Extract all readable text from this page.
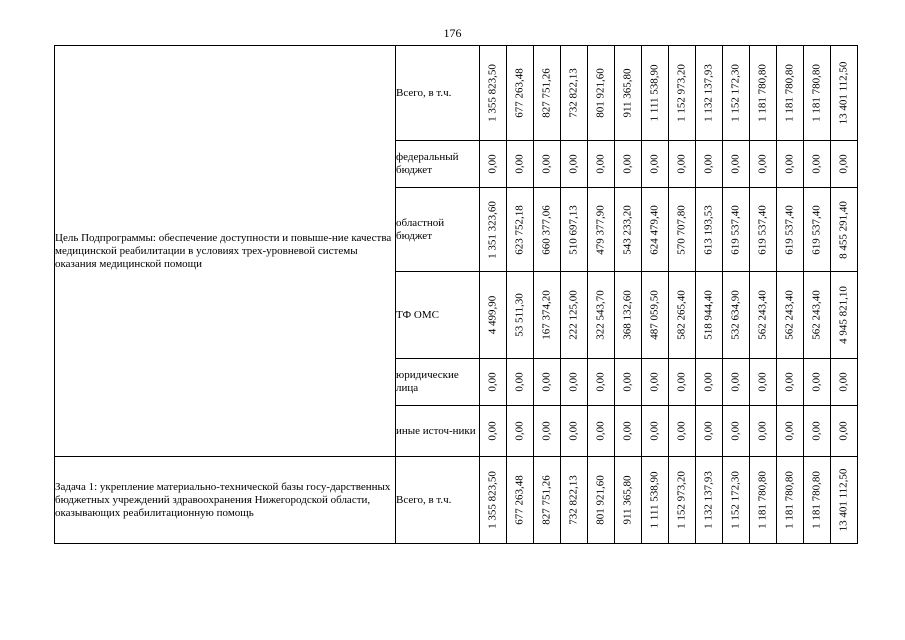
176
Цель Подпрограммы: обеспечение доступности и повыше-ние качества медицинской реабилитации в условиях трех-уровневой системы оказания медицинской помощи	Всего, в т.ч.	1 355 823,50	677 263,48	827 751,26	732 822,13	801 921,60	911 365,80	1 111 538,90	1 152 973,20	1 132 137,93	1 152 172,30	1 181 780,80	1 181 780,80	1 181 780,80	13 401 112,50

	федеральный бюджет	0,00	0,00	0,00	0,00	0,00	0,00	0,00	0,00	0,00	0,00	0,00	0,00	0,00	0,00

	областной бюджет	1 351 323,60	623 752,18	660 377,06	510 697,13	479 377,90	543 233,20	624 479,40	570 707,80	613 193,53	619 537,40	619 537,40	619 537,40	619 537,40	8 455 291,40

	ТФ ОМС	4 499,90	53 511,30	167 374,20	222 125,00	322 543,70	368 132,60	487 059,50	582 265,40	518 944,40	532 634,90	562 243,40	562 243,40	562 243,40	4 945 821,10

	юридические лица	0,00	0,00	0,00	0,00	0,00	0,00	0,00	0,00	0,00	0,00	0,00	0,00	0,00	0,00

	иные источ-ники	0,00	0,00	0,00	0,00	0,00	0,00	0,00	0,00	0,00	0,00	0,00	0,00	0,00	0,00

Задача 1: укрепление материально-технической базы госу-дарственных бюджетных учреждений здравоохранения Нижегородской области, оказывающих реабилитационную помощь	Всего, в т.ч.	1 355 823,50	677 263,48	827 751,26	732 822,13	801 921,60	911 365,80	1 111 538,90	1 152 973,20	1 132 137,93	1 152 172,30	1 181 780,80	1 181 780,80	1 181 780,80	13 401 112,50
